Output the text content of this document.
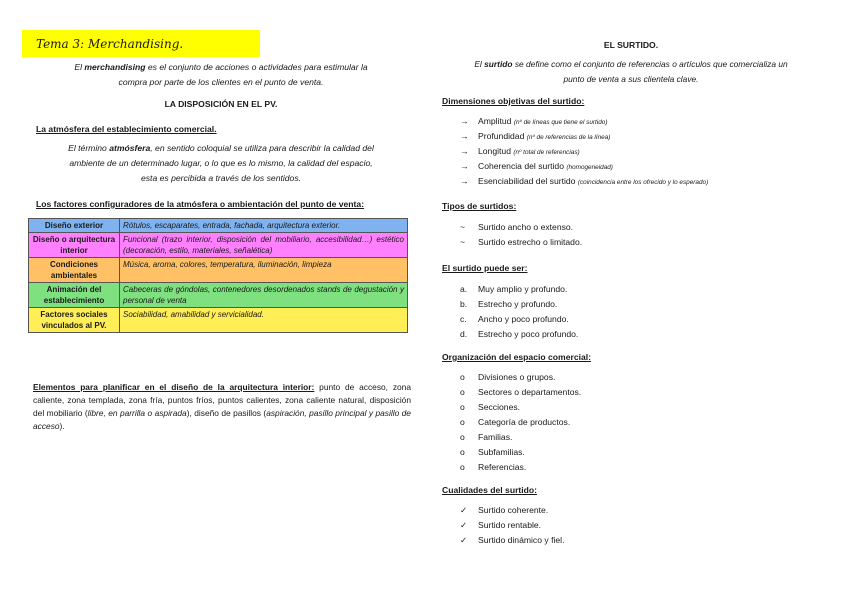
Tema 3: Merchandising.
El merchandising es el conjunto de acciones o actividades para estimular la
compra por parte de los clientes en el punto de venta.
LA DISPOSICIÓN EN EL PV.
La atmósfera del establecimiento comercial.
El término atmósfera, en sentido coloquial se utiliza para describir la calidad del
ambiente de un determinado lugar, o lo que es lo mismo, la calidad del espacio,
esta es percibida a través de los sentidos.
Los factores configuradores de la atmósfera o ambientación del punto de venta:
Diseño exterior	Rótulos, escaparates, entrada, fachada, arquitectura exterior.
Diseño o arquitectura interior	Funcional (trazo interior, disposición del mobiliario, accesibilidad…) estético (decoración, estilo, materiales, señalética)
Condiciones ambientales	Música, aroma, colores, temperatura, iluminación, limpieza
Animación del establecimiento	Cabeceras de góndolas, contenedores desordenados stands de degustación y personal de venta
Factores sociales vinculados al PV.	Sociabilidad, amabilidad y servicialidad.
Elementos para planificar en el diseño de la arquitectura interior: punto de acceso, zona caliente, zona templada, zona fría, puntos fríos, puntos calientes, zona caliente natural, disposición del mobiliario (libre, en parrilla o aspirada), diseño de pasillos (aspiración, pasillo principal y pasillo de acceso).
EL SURTIDO.
El surtido se define como el conjunto de referencias o artículos que comercializa un
punto de venta a sus clientela clave.
Dimensiones objetivas del surtido:
→ Amplitud (nº de líneas que tiene el surtido)
→ Profundidad (nº de referencias de la línea)
→ Longitud (nº total de referencias)
→ Coherencia del surtido (homogeneidad)
→ Esenciabilidad del surtido (coincidencia entre los ofrecido y lo esperado)
Tipos de surtidos:
~ Surtido ancho o extenso.
~ Surtido estrecho o limitado.
El surtido puede ser:
a. Muy amplio y profundo.
b. Estrecho y profundo.
c. Ancho y poco profundo.
d. Estrecho y poco profundo.
Organización del espacio comercial:
o Divisiones o grupos.
o Sectores o departamentos.
o Secciones.
o Categoría de productos.
o Familias.
o Subfamilias.
o Referencias.
Cualidades del surtido:
✓ Surtido coherente.
✓ Surtido rentable.
✓ Surtido dinámico y fiel.
